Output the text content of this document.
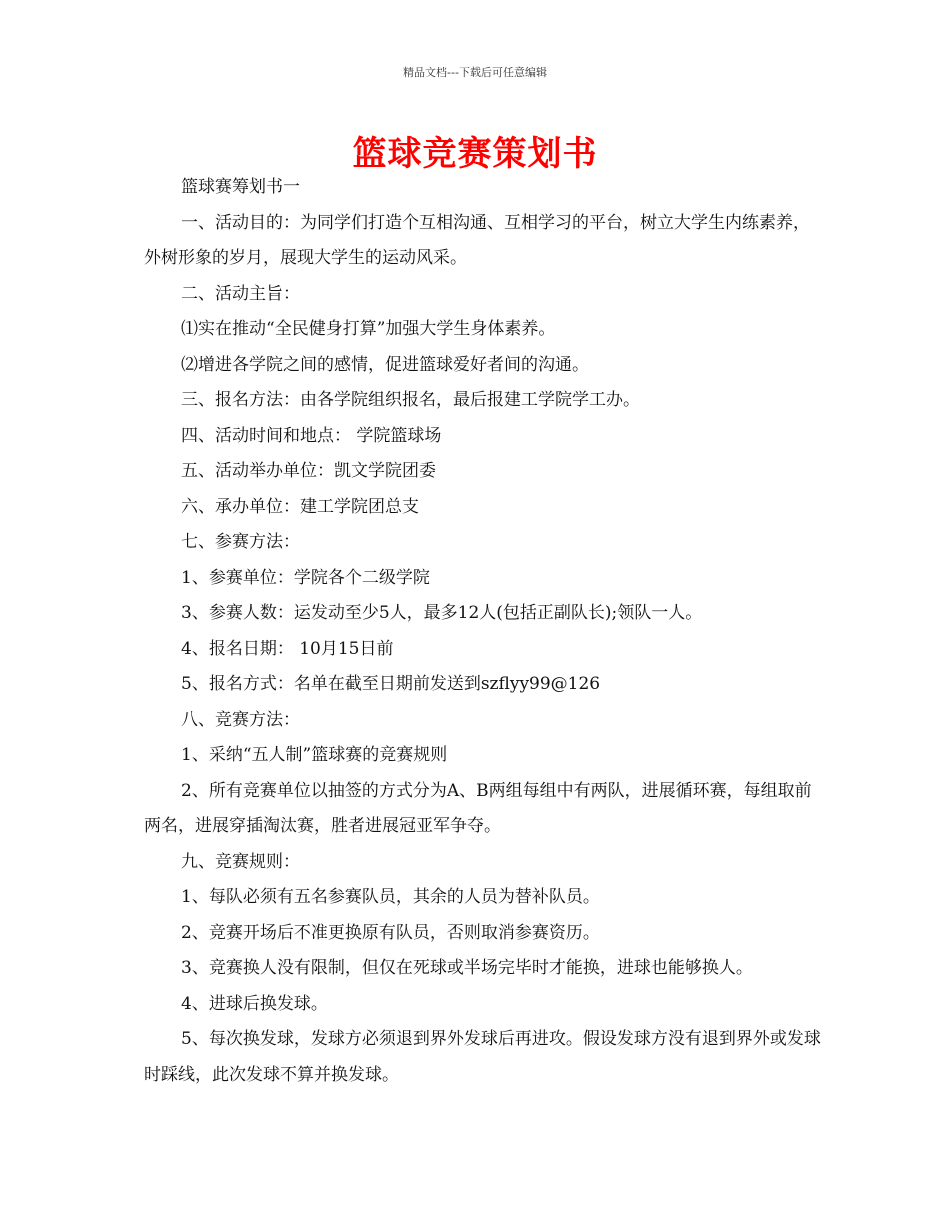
精品文档---下载后可任意编辑
篮球竞赛策划书

篮球赛筹划书一

一、活动目的：为同学们打造个互相沟通、互相学习的平台，树立大学生内练素养，外树形象的岁月，展现大学生的运动风采。

二、活动主旨：

⑴实在推动“全民健身打算”加强大学生身体素养。

⑵增进各学院之间的感情，促进篮球爱好者间的沟通。

三、报名方法：由各学院组织报名，最后报建工学院学工办。

四、活动时间和地点： 学院篮球场

五、活动举办单位：凯文学院团委

六、承办单位：建工学院团总支

七、参赛方法：

1、参赛单位：学院各个二级学院

3、参赛人数：运发动至少5人，最多12人(包括正副队长);领队一人。

4、报名日期： 10月15日前

5、报名方式：名单在截至日期前发送到szflyy99@126

八、竞赛方法：

1、采纳“五人制”篮球赛的竞赛规则

2、所有竞赛单位以抽签的方式分为A、B两组每组中有两队，进展循环赛，每组取前两名，进展穿插淘汰赛，胜者进展冠亚军争夺。

九、竞赛规则：

1、每队必须有五名参赛队员，其余的人员为替补队员。

2、竞赛开场后不准更换原有队员，否则取消参赛资历。

3、竞赛换人没有限制，但仅在死球或半场完毕时才能换，进球也能够换人。

4、进球后换发球。

5、每次换发球，发球方必须退到界外发球后再进攻。假设发球方没有退到界外或发球时踩线，此次发球不算并换发球。
